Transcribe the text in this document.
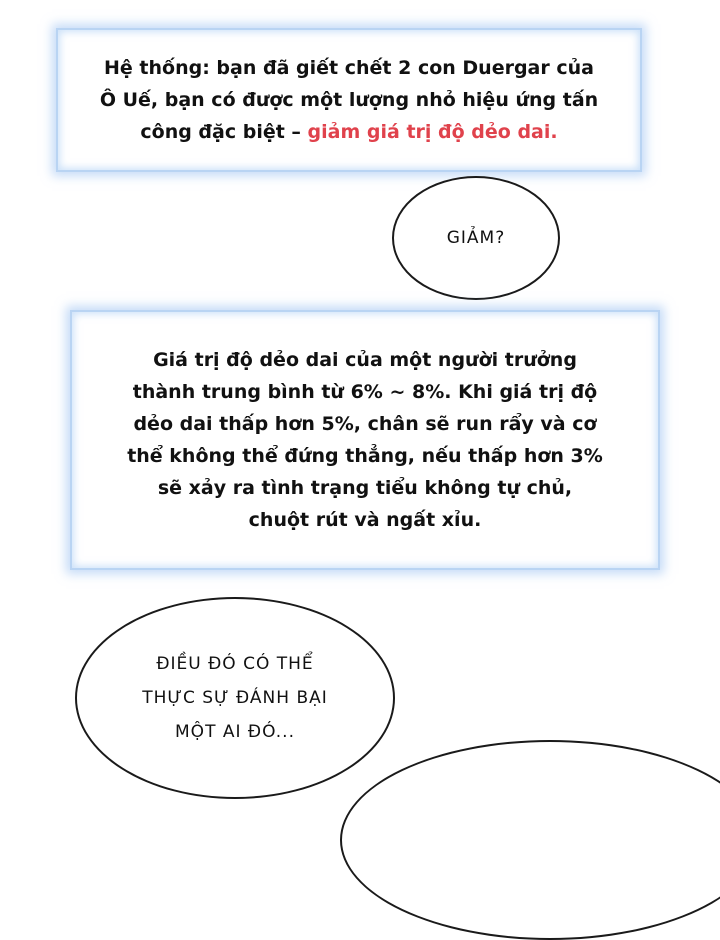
Hệ thống: bạn đã giết chết 2 con Duergar của
Ô Uế, bạn có được một lượng nhỏ hiệu ứng tấn
công đặc biệt – giảm giá trị độ dẻo dai.
GIẢM?
Giá trị độ dẻo dai của một người trưởng
thành trung bình từ 6% ~ 8%. Khi giá trị độ
dẻo dai thấp hơn 5%, chân sẽ run rẩy và cơ
thể không thể đứng thẳng, nếu thấp hơn 3%
sẽ xảy ra tình trạng tiểu không tự chủ,
chuột rút và ngất xỉu.
ĐIỀU ĐÓ CÓ THỂ
THỰC SỰ ĐÁNH BẠI
MỘT AI ĐÓ...
